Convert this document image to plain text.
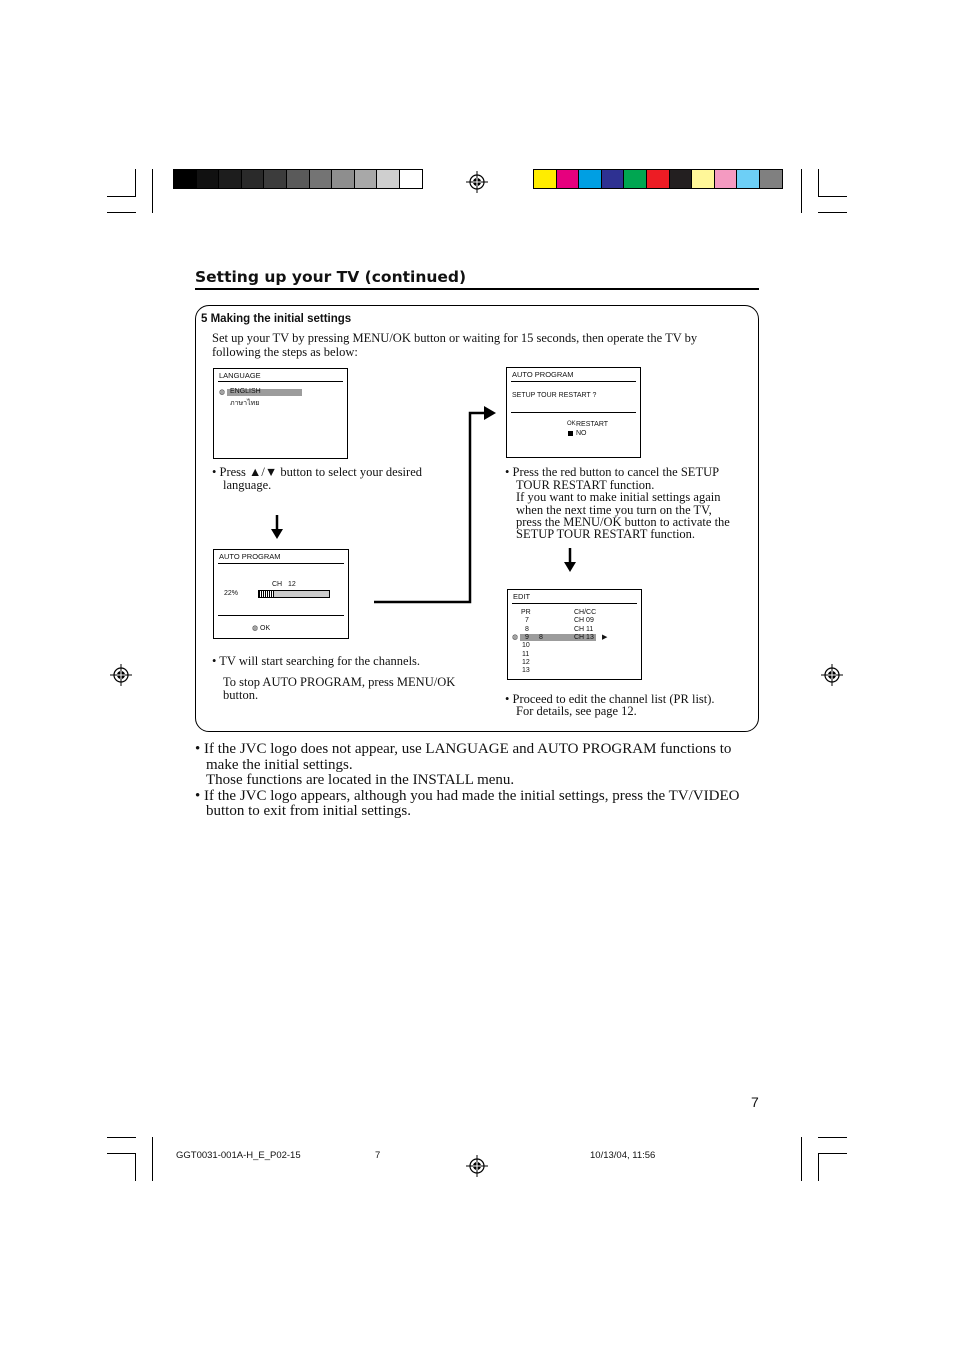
Setting up your TV (continued)
5 Making the initial settings
Set up your TV by pressing MENU/OK button or waiting for 15 seconds, then operate the TV by
following the steps as below:
LANGUAGE
◍ ENGLISH
ภาษาไทย
• Press ▲/▼ button to select your desired
language.
AUTO PROGRAM
CH   12
22%
◍ OK
• TV will start searching for the channels.
To stop AUTO PROGRAM, press MENU/OK
button.
AUTO PROGRAM
SETUP TOUR RESTART ?
OK RESTART
NO
• Press the red button to cancel the SETUP
TOUR RESTART function.
If you want to make initial settings again
when the next time you turn on the TV,
press the MENU/OK button to activate the
SETUP TOUR RESTART function.
EDIT
PR	CH/CC
7	CH 09
8	CH 11
◍ 9 8	CH 13 ▶
10
11
12
13
• Proceed to edit the channel list (PR list).
For details, see page 12.
• If the JVC logo does not appear, use LANGUAGE and AUTO PROGRAM functions to
make the initial settings.
Those functions are located in the INSTALL menu.
• If the JVC logo appears, although you had made the initial settings, press the TV/VIDEO
button to exit from initial settings.
7
GGT0031-001A-H_E_P02-15	7	10/13/04, 11:56
